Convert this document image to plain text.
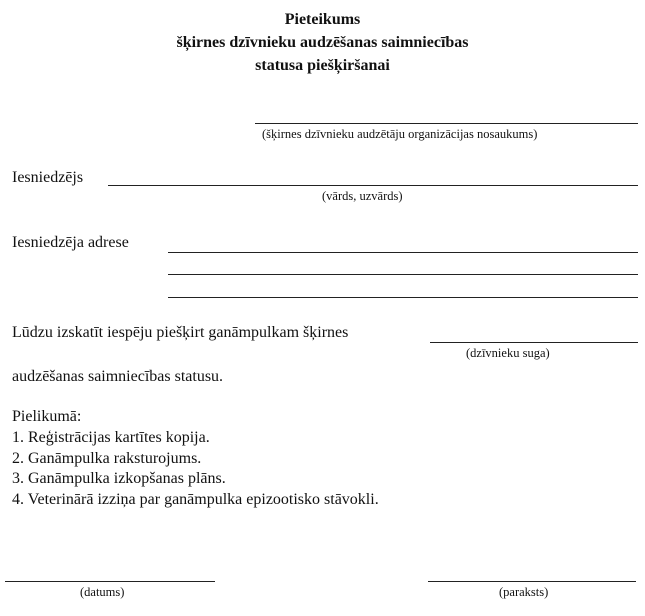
Pieteikums
šķirnes dzīvnieku audzēšanas saimniecības
statusa piešķiršanai
(šķirnes dzīvnieku audzētāju organizācijas nosaukums)
Iesniedzējs
(vārds, uzvārds)
Iesniedzēja adrese
Lūdzu izskatīt iespēju piešķirt ganāmpulkam šķirnes
(dzīvnieku suga)
audzēšanas saimniecības statusu.
Pielikumā:
1. Reģistrācijas kartītes kopija.
2. Ganāmpulka raksturojums.
3. Ganāmpulka izkopšanas plāns.
4. Veterinārā izziņa par ganāmpulka epizootisko stāvokli.
(datums)	(paraksts)
